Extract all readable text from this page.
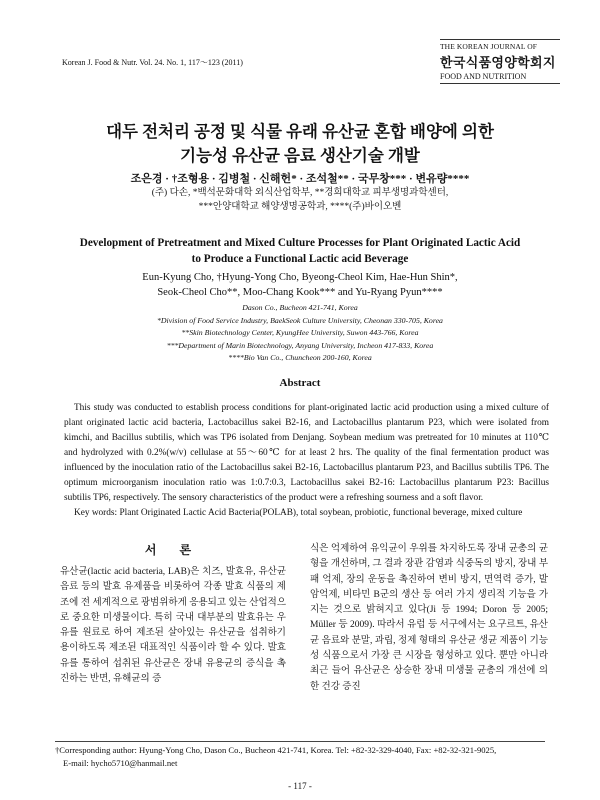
Korean J. Food & Nutr. Vol. 24. No. 1, 117～123 (2011)
THE KOREAN JOURNAL OF
한국식품영양학회지
FOOD AND NUTRITION
대두 전처리 공정 및 식물 유래 유산균 혼합 배양에 의한
기능성 유산균 음료 생산기술 개발
조은경 · †조형용 · 김병철 · 신해헌* · 조석철** · 국무창*** · 변유량****
(주) 다손, *백석문화대학 외식산업학부, **경희대학교 피부생명과학센터,
***안양대학교 해양생명공학과, ****(주)바이오벤
Development of Pretreatment and Mixed Culture Processes for Plant Originated Lactic Acid
to Produce a Functional Lactic acid Beverage
Eun-Kyung Cho, †Hyung-Yong Cho, Byeong-Cheol Kim, Hae-Hun Shin*,
Seok-Cheol Cho**, Moo-Chang Kook*** and Yu-Ryang Pyun****
Dason Co., Bucheon 421-741, Korea
*Division of Food Service Industry, BaekSeok Culture University, Cheonan 330-705, Korea
**Skin Biotechnology Center, KyungHee University, Suwon 443-766, Korea
***Department of Marin Biotechnology, Anyang University, Incheon 417-833, Korea
****Bio Van Co., Chuncheon 200-160, Korea
Abstract

This study was conducted to establish process conditions for plant-originated lactic acid production using a mixed culture of plant originated lactic acid bacteria, Lactobacillus sakei B2-16, and Lactobacillus plantarum P23, which were isolated from kimchi, and Bacillus subtilis, which was TP6 isolated from Denjang. Soybean medium was pretreated for 10 minutes at 110℃ and hydrolyzed with 0.2%(w/v) cellulase at 55～60℃ for at least 2 hrs. The quality of the final fermentation product was influenced by the inoculation ratio of the Lactobacillus sakei B2-16, Lactobacillus plantarum P23, and Bacillus subtilis TP6. The optimum microorganism inoculation ratio was 1:0.7:0.3, Lactobacillus sakei B2-16: Lactobacillus plantarum P23: Bacillus subtilis TP6, respectively. The sensory characteristics of the product were a refreshing sourness and a soft flavor.

Key words: Plant Originated Lactic Acid Bacteria(POLAB), total soybean, probiotic, functional beverage, mixed culture

서 론
유산균(lactic acid bacteria, LAB)은 치즈, 발효유, 유산균 음료 등의 발효 유제품을 비롯하여 각종 발효 식품의 제조에 전 세계적으로 광범위하게 응용되고 있는 산업적으로 중요한 미생물이다. 특히 국내 대부분의 발효유는 우유를 원료로 하여 제조된 살아있는 유산균을 섭취하기 용이하도록 제조된 대표적인 식품이라 할 수 있다. 발효유를 통하여 섭취된 유산균은 장내 유용균의 증식을 촉진하는 반면, 유해균의 증
식은 억제하여 유익균이 우위를 차지하도록 장내 균총의 균형을 개선하며, 그 결과 장관 감염과 식중독의 방지, 장내 부패 억제, 장의 운동을 촉진하여 변비 방지, 면역력 증가, 발암억제, 비타민 B군의 생산 등 여러 가지 생리적 기능을 가지는 것으로 밝혀지고 있다(Ji 등 1994; Doron 등 2005; Müller 등 2009). 따라서 유럽 등 서구에서는 요구르트, 유산균 음료와 분말, 과립, 정제 형태의 유산균 생균 제품이 기능성 식품으로서 가장 큰 시장을 형성하고 있다. 뿐만 아니라 최근 들어 유산균은 상승한 장내 미생물 균총의 개선에 의한 건강 증진
†Corresponding author: Hyung-Yong Cho, Dason Co., Bucheon 421-741, Korea. Tel: +82-32-329-4040, Fax: +82-32-321-9025,
E-mail: hycho5710@hanmail.net
- 117 -
